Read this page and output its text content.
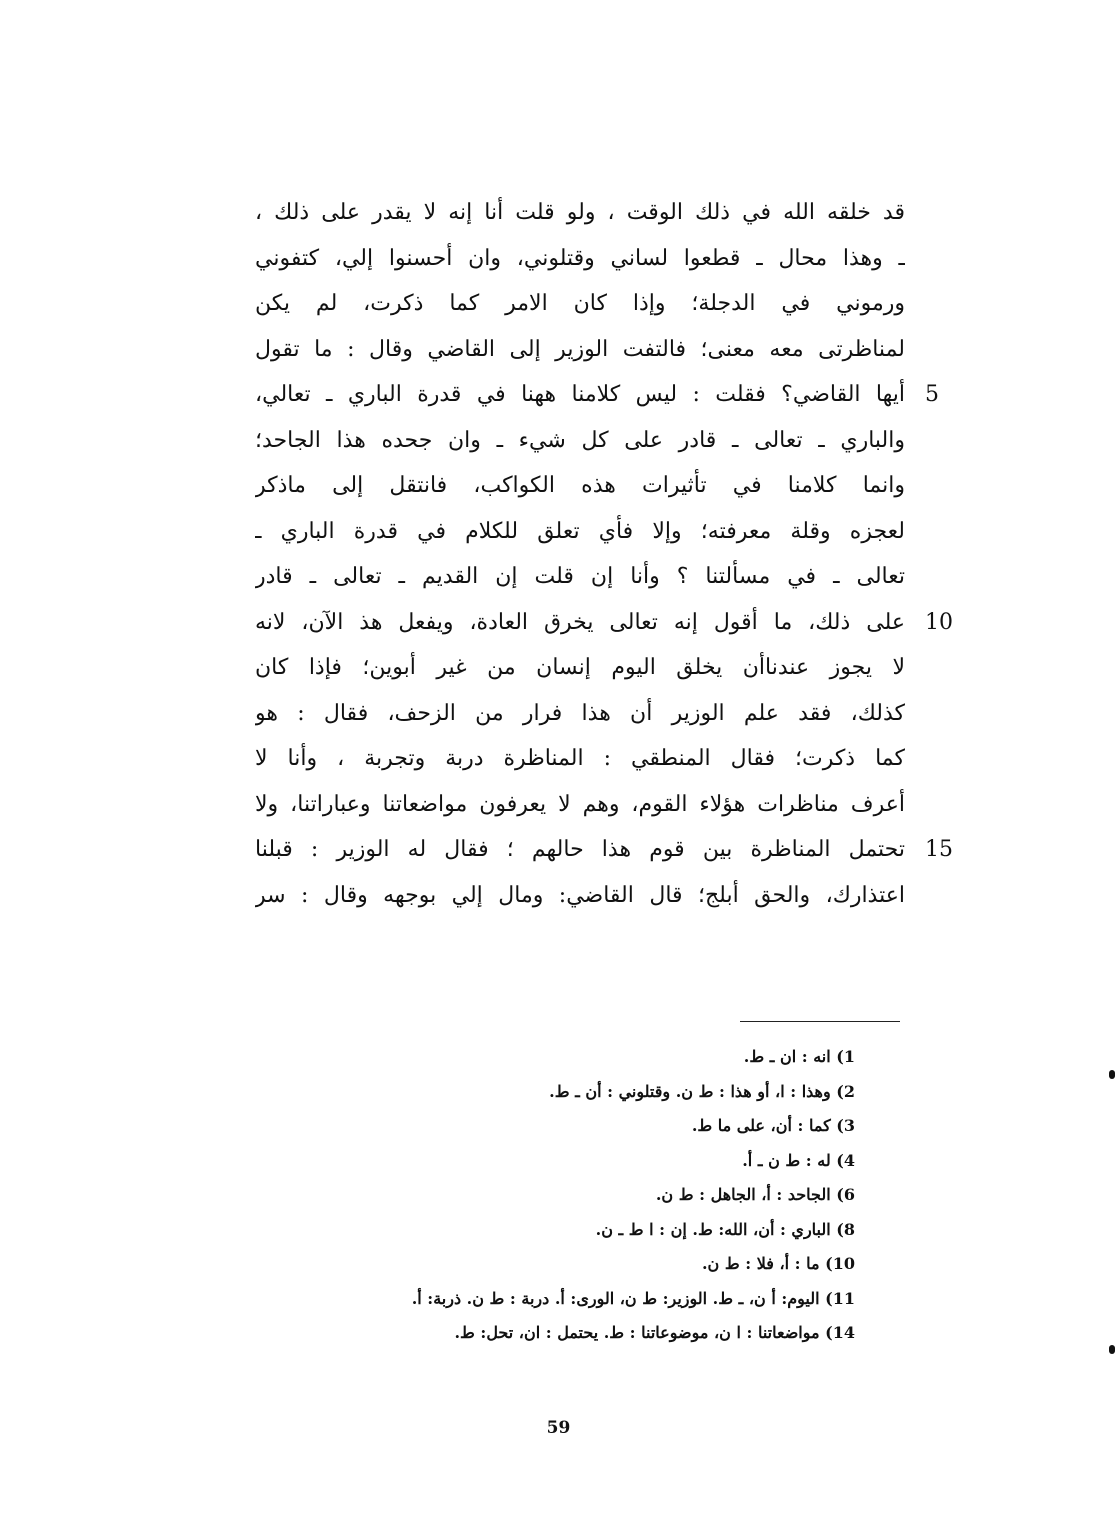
قد خلقه الله في ذلك الوقت ، ولو قلت أنا إنه لا يقدر على ذلك ،
ـ وهذا محال ـ قطعوا لساني وقتلوني، وان أحسنوا إلي، كتفوني
ورموني في الدجلة؛ وإذا كان الامر كما ذكرت، لم يكن
لمناظرتى معه معنى؛ فالتفت الوزير إلى القاضي وقال : ما تقول
أيها القاضي؟ فقلت : ليس كلامنا ههنا في قدرة الباري ـ تعالي،
والباري ـ تعالى ـ قادر على كل شيء ـ وان جحده هذا الجاحد؛
وانما كلامنا في تأثيرات هذه الكواكب، فانتقل إلى ماذكر
لعجزه وقلة معرفته؛ وإلا فأي تعلق للكلام في قدرة الباري ـ
تعالى ـ في مسألتنا ؟ وأنا إن قلت إن القديم ـ تعالى ـ قادر
على ذلك، ما أقول إنه تعالى يخرق العادة، ويفعل هذ الآن، لانه
لا يجوز عندناأن يخلق اليوم إنسان من غير أبوين؛ فإذا كان
كذلك، فقد علم الوزير أن هذا فرار من الزحف، فقال : هو
كما ذكرت؛ فقال المنطقي : المناظرة دربة وتجربة ، وأنا لا
أعرف مناظرات هؤلاء القوم، وهم لا يعرفون مواضعاتنا وعباراتنا، ولا
تحتمل المناظرة بين قوم هذا حالهم ؛ فقال له الوزير : قبلنا
اعتذارك، والحق أبلج؛ قال القاضي: ومال إلي بوجهه وقال : سر
5
10
15
1) انه : ان ـ ط.
2) وهذا : ا، أو هذا : ط ن. وقتلوني : أن ـ ط.
3) كما : أن، على ما ط.
4) له : ط ن ـ أ.
6) الجاحد : أ، الجاهل : ط ن.
8) الباري : أن، الله: ط. إن : ا ط ـ ن.
10) ما : أ، فلا : ط ن.
11) اليوم: أ ن، ـ ط. الوزير: ط ن، الورى: أ. دربة : ط ن. ذربة: أ.
14) مواضعاتنا : ا ن، موضوعاتنا : ط. يحتمل : ان، تحل: ط.
59
